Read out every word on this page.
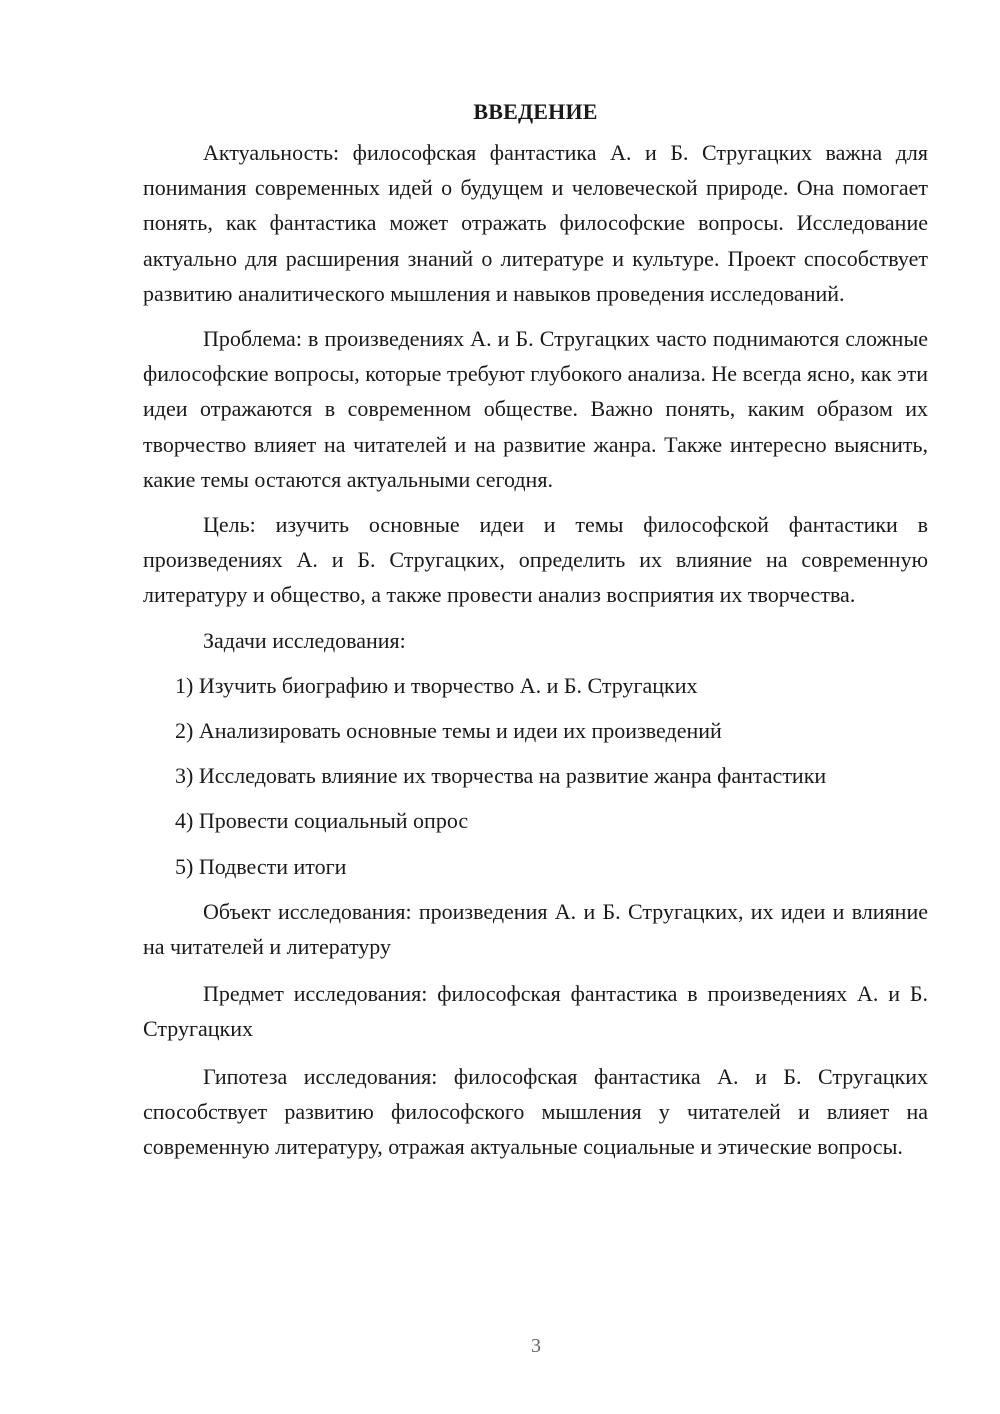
ВВЕДЕНИЕ

Актуальность: философская фантастика А. и Б. Стругацких важна для понимания современных идей о будущем и человеческой природе. Она помогает понять, как фантастика может отражать философские вопросы. Исследование актуально для расширения знаний о литературе и культуре. Проект способствует развитию аналитического мышления и навыков проведения исследований.

Проблема: в произведениях А. и Б. Стругацких часто поднимаются сложные философские вопросы, которые требуют глубокого анализа. Не всегда ясно, как эти идеи отражаются в современном обществе. Важно понять, каким образом их творчество влияет на читателей и на развитие жанра. Также интересно выяснить, какие темы остаются актуальными сегодня.

Цель: изучить основные идеи и темы философской фантастики в произведениях А. и Б. Стругацких, определить их влияние на современную литературу и общество, а также провести анализ восприятия их творчества.

Задачи исследования:

1) Изучить биографию и творчество А. и Б. Стругацких
2) Анализировать основные темы и идеи их произведений
3) Исследовать влияние их творчества на развитие жанра фантастики
4) Провести социальный опрос
5) Подвести итоги

Объект исследования: произведения А. и Б. Стругацких, их идеи и влияние на читателей и литературу

Предмет исследования: философская фантастика в произведениях А. и Б. Стругацких

Гипотеза исследования: философская фантастика А. и Б. Стругацких способствует развитию философского мышления у читателей и влияет на современную литературу, отражая актуальные социальные и этические вопросы.

3
